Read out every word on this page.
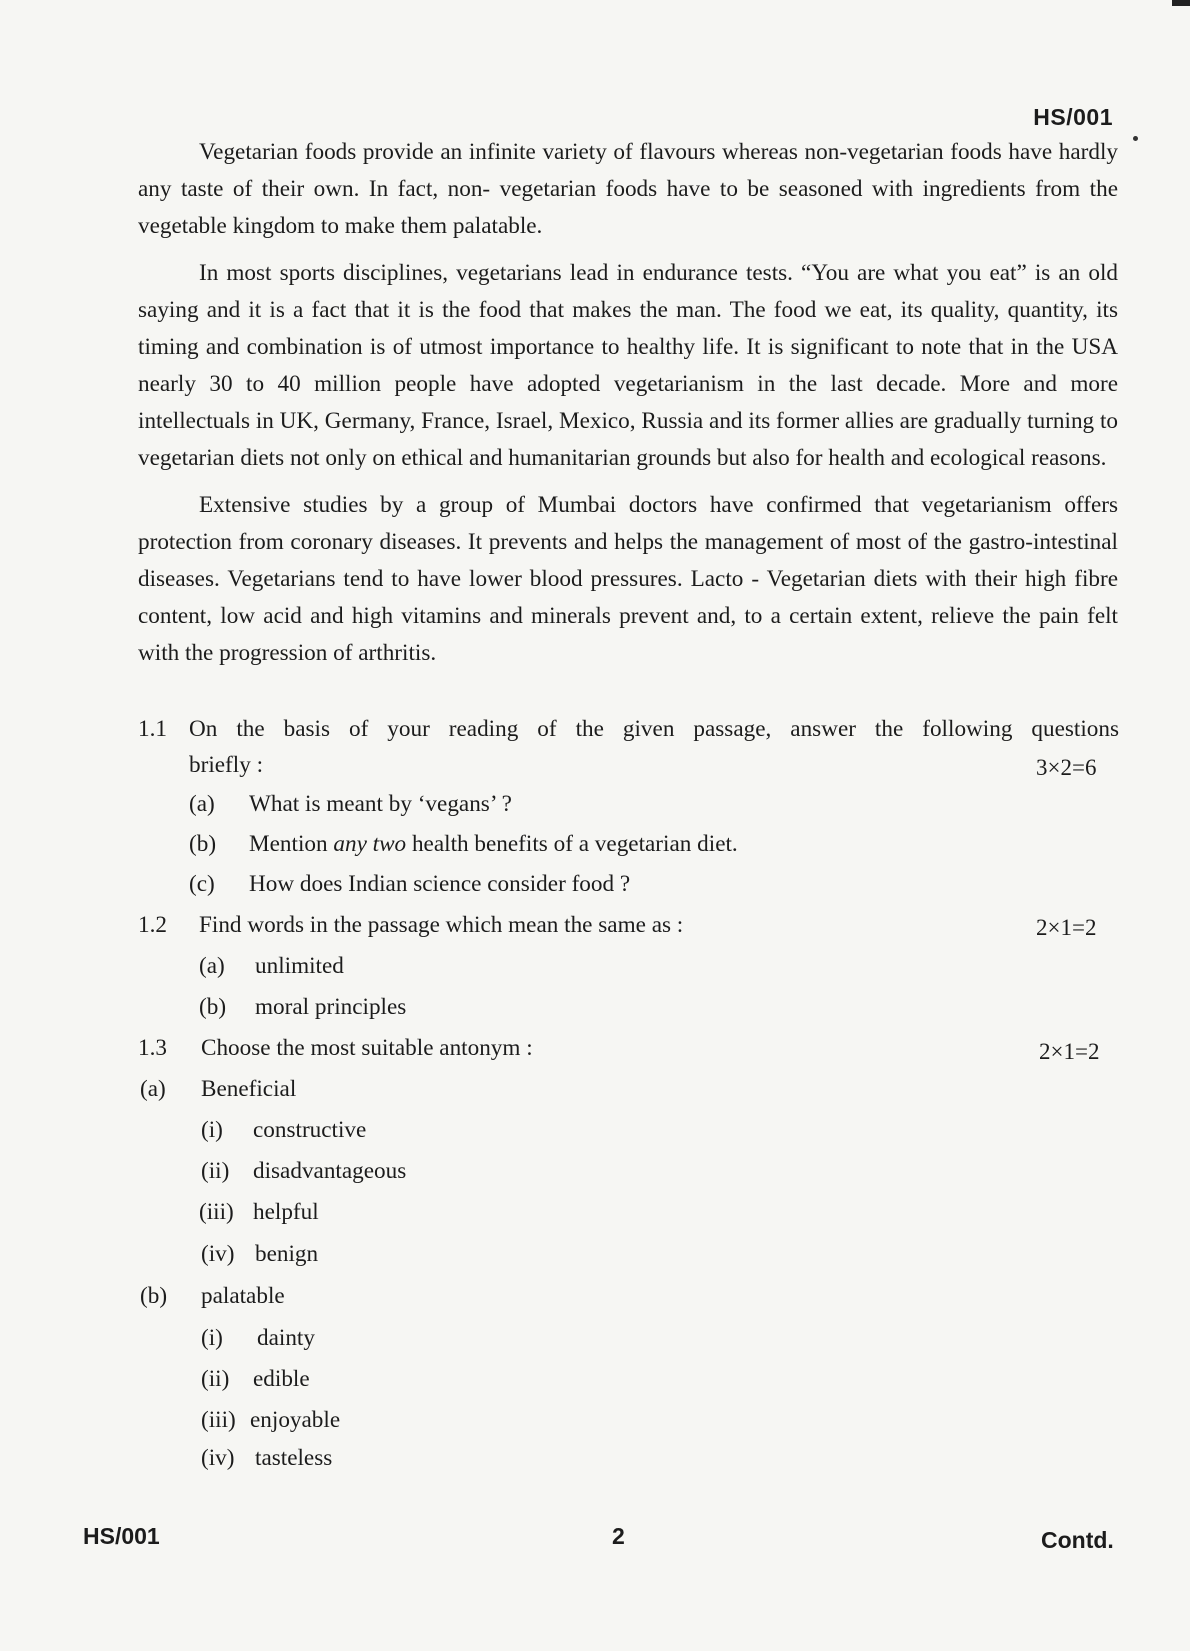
HS/001

Vegetarian foods provide an infinite variety of flavours whereas non-vegetarian foods have hardly any taste of their own. In fact, non- vegetarian foods have to be seasoned with ingredients from the vegetable kingdom to make them palatable.

In most sports disciplines, vegetarians lead in endurance tests. “You are what you eat” is an old saying and it is a fact that it is the food that makes the man. The food we eat, its quality, quantity, its timing and combination is of utmost importance to healthy life. It is significant to note that in the USA nearly 30 to 40 million people have adopted vegetarianism in the last decade. More and more intellectuals in UK, Germany, France, Israel, Mexico, Russia and its former allies are gradually turning to vegetarian diets not only on ethical and humanitarian grounds but also for health and ecological reasons.

Extensive studies by a group of Mumbai doctors have confirmed that vegetarianism offers protection from coronary diseases. It prevents and helps the management of most of the gastro-intestinal diseases. Vegetarians tend to have lower blood pressures. Lacto - Vegetarian diets with their high fibre content, low acid and high vitamins and minerals prevent and, to a certain extent, relieve the pain felt with the progression of arthritis.

1.1 On the basis of your reading of the given passage, answer the following questions
briefly :	3×2=6
(a) What is meant by ‘vegans’ ?
(b) Mention any two health benefits of a vegetarian diet.
(c) How does Indian science consider food ?
1.2 Find words in the passage which mean the same as :	2×1=2
(a) unlimited
(b) moral principles
1.3 Choose the most suitable antonym :	2×1=2
(a) Beneficial
(i) constructive
(ii) disadvantageous
(iii) helpful
(iv) benign
(b) palatable
(i) dainty
(ii) edible
(iii) enjoyable
(iv) tasteless
HS/001	2	Contd.
